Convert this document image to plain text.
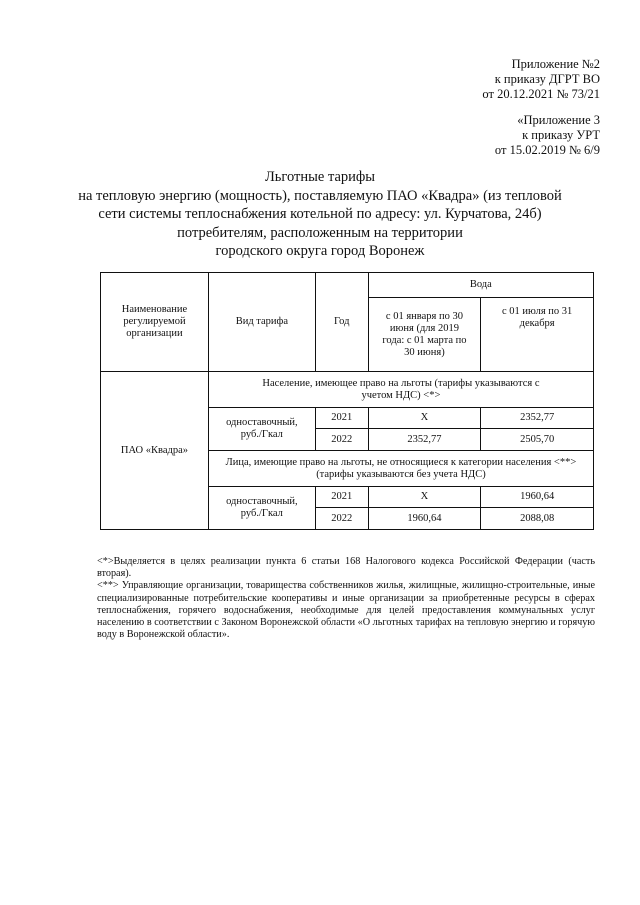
Приложение №2
к приказу ДГРТ ВО
от 20.12.2021 № 73/21
«Приложение 3
к приказу УРТ
от 15.02.2019 № 6/9
Льготные тарифы
на тепловую энергию (мощность), поставляемую ПАО «Квадра» (из тепловой
сети системы теплоснабжения котельной по адресу: ул. Курчатова, 24б)
потребителям, расположенным на территории
городского округа город Воронеж
Наименование регулируемой организации	Вид тарифа	Год	Вода	
			с 01 января по 30 июня (для 2019 года: с 01 марта по 30 июня)	с 01 июля по 31 декабря
ПАО «Квадра»	Население, имеющее право на льготы (тарифы указываются с учетом НДС) <*>			
	одноставочный, руб./Гкал	2021	X	2352,77
		2022	2352,77	2505,70
	Лица, имеющие право на льготы, не относящиеся к категории населения <**> (тарифы указываются без учета НДС)			
	одноставочный, руб./Гкал	2021	X	1960,64
		2022	1960,64	2088,08

<*>Выделяется в целях реализации пункта 6 статьи 168 Налогового кодекса Российской Федерации (часть вторая).

<**> Управляющие организации, товарищества собственников жилья, жилищные, жилищно-строительные, иные специализированные потребительские кооперативы и иные организации за приобретенные ресурсы в сферах теплоснабжения, горячего водоснабжения, необходимые для целей предоставления коммунальных услуг населению в соответствии с Законом Воронежской области «О льготных тарифах на тепловую энергию и горячую воду в Воронежской области».
